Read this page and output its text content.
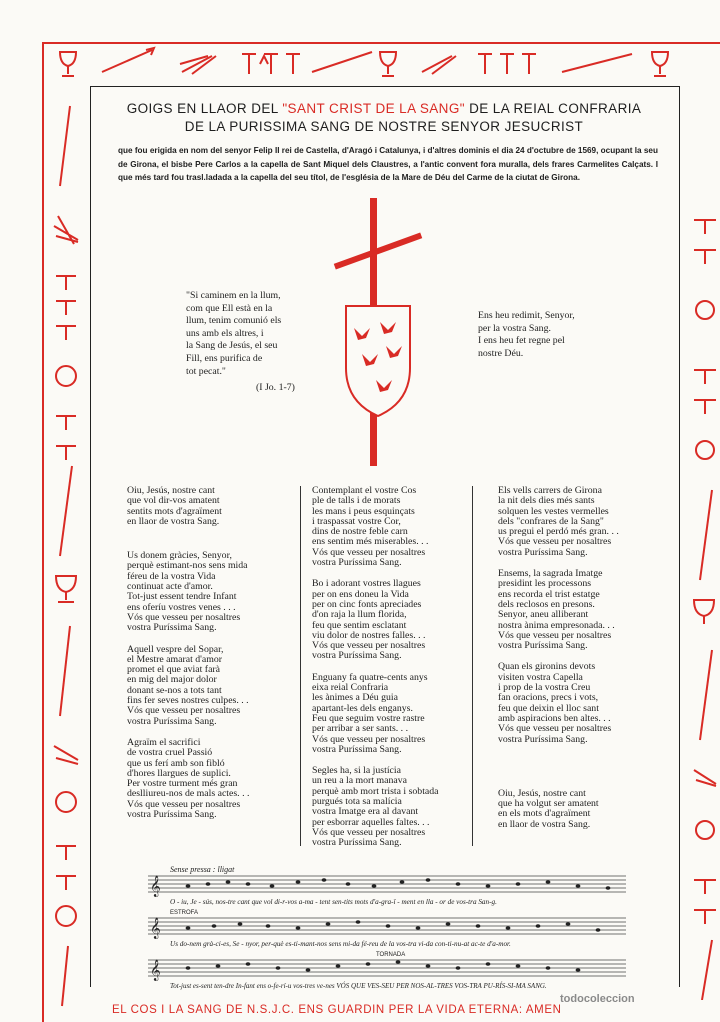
GOIGS EN LLAOR DEL "SANT CRIST DE LA SANG" DE LA REIAL CONFRARIA
DE LA PURISSIMA SANG DE NOSTRE SENYOR JESUCRIST
que fou erigida en nom del senyor Felip II rei de Castella, d'Aragó i Catalunya, i d'altres dominis el dia 24 d'octubre de 1569, ocupant la seu de Girona, el bisbe Pere Carlos a la capella de Sant Miquel dels Claustres, a l'antic convent fora muralla, dels frares Carmelites Calçats. I que més tard fou trasl.ladada a la capella del seu títol, de l'església de la Mare de Déu del Carme de la ciutat de Girona.
"Si caminem en la llum,
com que Ell està en la
llum, tenim comunió els
uns amb els altres, i
la Sang de Jesús, el seu
Fill, ens purifica de
tot pecat."
(I Jo. 1-7)
Ens heu redimit, Senyor,
per la vostra Sang.
I ens heu fet regne pel
nostre Déu.

Oiu, Jesús, nostre cant
que vol dir-vos amatent
sentits mots d'agraïment
en llaor de vostra Sang.

Us donem gràcies, Senyor,
perquè estimant-nos sens mida
féreu de la vostra Vida
continuat acte d'amor.
Tot-just essent tendre Infant
ens oferíu vostres venes . . .
Vós que vesseu per nosaltres
vostra Puríssima Sang.

Aquell vespre del Sopar,
el Mestre amarat d'amor
promet el que aviat farà
en mig del major dolor
donant se-nos a tots tant
fins fer seves nostres culpes. . .
Vós que vesseu per nosaltres
vostra Puríssima Sang.

Agraïm el sacrifici
de vostra cruel Passió
que us ferí amb son fibló
d'hores llargues de suplici.
Per vostre turment més gran
deslliureu-nos de mals actes. . .
Vós que vesseu per nosaltres
vostra Puríssima Sang.

Contemplant el vostre Cos
ple de talls i de morats
les mans i peus esquinçats
i traspassat vostre Cor,
dins de nostre feble carn
ens sentim més miserables. . .
Vós que vesseu per nosaltres
vostra Puríssima Sang.

Bo i adorant vostres llagues
per on ens doneu la Vida
per on cinc fonts apreciades
d'on raja la llum florida,
feu que sentim esclatant
viu dolor de nostres falles. . .
Vós que vesseu per nosaltres
vostra Puríssima Sang.

Enguany fa quatre-cents anys
eixa reial Confraria
les ànimes a Déu guia
apartant-les dels enganys.
Feu que seguim vostre rastre
per arribar a ser sants. . .
Vós que vesseu per nosaltres
vostra Puríssima Sang.

Segles ha, si la justícia
un reu a la mort manava
perquè amb mort trista i sobtada
purgués tota sa malícia
vostra Imatge era al davant
per esborrar aquelles faltes. . .
Vós que vesseu per nosaltres
vostra Puríssima Sang.

Els vells carrers de Girona
la nit dels dies més sants
solquen les vestes vermelles
dels "confrares de la Sang"
us pregui el perdó més gran. . .
Vós que vesseu per nosaltres
vostra Puríssima Sang.

Ensems, la sagrada Imatge
presidint les processons
ens recorda el trist estatge
dels reclosos en presons.
Senyor, aneu alliberant
nostra ànima empresonada. . .
Vós que vesseu per nosaltres
vostra Puríssima Sang.

Quan els gironins devots
visiten vostra Capella
i prop de la vostra Creu
fan oracions, precs i vots,
feu que deixin el lloc sant
amb aspiracions ben altes. . .
Vós que vesseu per nosaltres
vostra Puríssima Sang.

Oiu, Jesús, nostre cant
que ha volgut ser amatent
en els mots d'agraïment
en llaor de vostra Sang.

Sense pressa : lligat
𝄞
𝄞
𝄞
O - iu, Je - sús, nos-tre cant que vol di-r-vos a-ma - tent sen-tits mots d'a-gra-ï - ment en lla - or de vos-tra San-g.
ESTROFA
Us do-nem grà-ci-es, Se - nyor, per-què es-ti-mant-nos sens mi-da fé-reu de la vos-tra vi-da con-ti-nu-at ac-te d'a-mor.
TORNADA
Tot-just es-sent ten-dre In-fant ens o-fe-rí-u vos-tres ve-nes VÓS QUE VES-SEU PER NOS-AL-TRES VOS-TRA PU-RÍS-SI-MA SANG.
EL COS I LA SANG DE N.S.J.C. ENS GUARDIN PER LA VIDA ETERNA: AMEN
todocoleccion
